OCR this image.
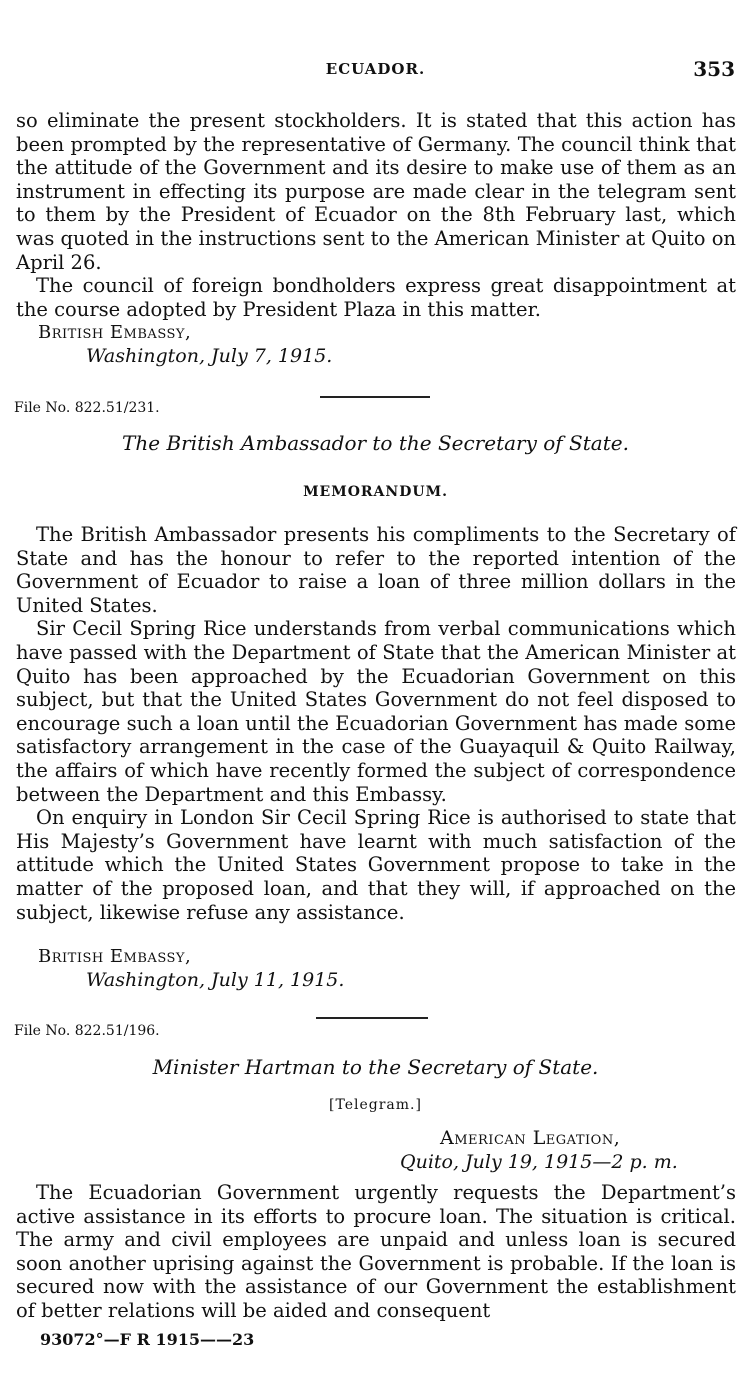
ECUADOR.	353

so eliminate the present stockholders. It is stated that this action has been prompted by the representative of Germany. The council think that the attitude of the Government and its desire to make use of them as an instrument in effecting its purpose are made clear in the telegram sent to them by the President of Ecuador on the 8th February last, which was quoted in the instructions sent to the American Minister at Quito on April 26.

The council of foreign bondholders express great disappointment at the course adopted by President Plaza in this matter.

British Embassy,
Washington, July 7, 1915.
File No. 822.51/231.
The British Ambassador to the Secretary of State.
MEMORANDUM.

The British Ambassador presents his compliments to the Secretary of State and has the honour to refer to the reported intention of the Government of Ecuador to raise a loan of three million dollars in the United States.

Sir Cecil Spring Rice understands from verbal communications which have passed with the Department of State that the American Minister at Quito has been approached by the Ecuadorian Government on this subject, but that the United States Government do not feel disposed to encourage such a loan until the Ecuadorian Government has made some satisfactory arrangement in the case of the Guayaquil & Quito Railway, the affairs of which have recently formed the subject of correspondence between the Department and this Embassy.

On enquiry in London Sir Cecil Spring Rice is authorised to state that His Majesty’s Government have learnt with much satisfaction of the attitude which the United States Government propose to take in the matter of the proposed loan, and that they will, if approached on the subject, likewise refuse any assistance.

British Embassy,
Washington, July 11, 1915.
File No. 822.51/196.
Minister Hartman to the Secretary of State.
[Telegram.]
American Legation,
Quito, July 19, 1915—2 p. m.

The Ecuadorian Government urgently requests the Department’s active assistance in its efforts to procure loan. The situation is critical. The army and civil employees are unpaid and unless loan is secured soon another uprising against the Government is probable. If the loan is secured now with the assistance of our Government the establishment of better relations will be aided and consequent

93072°—F R 1915——23
